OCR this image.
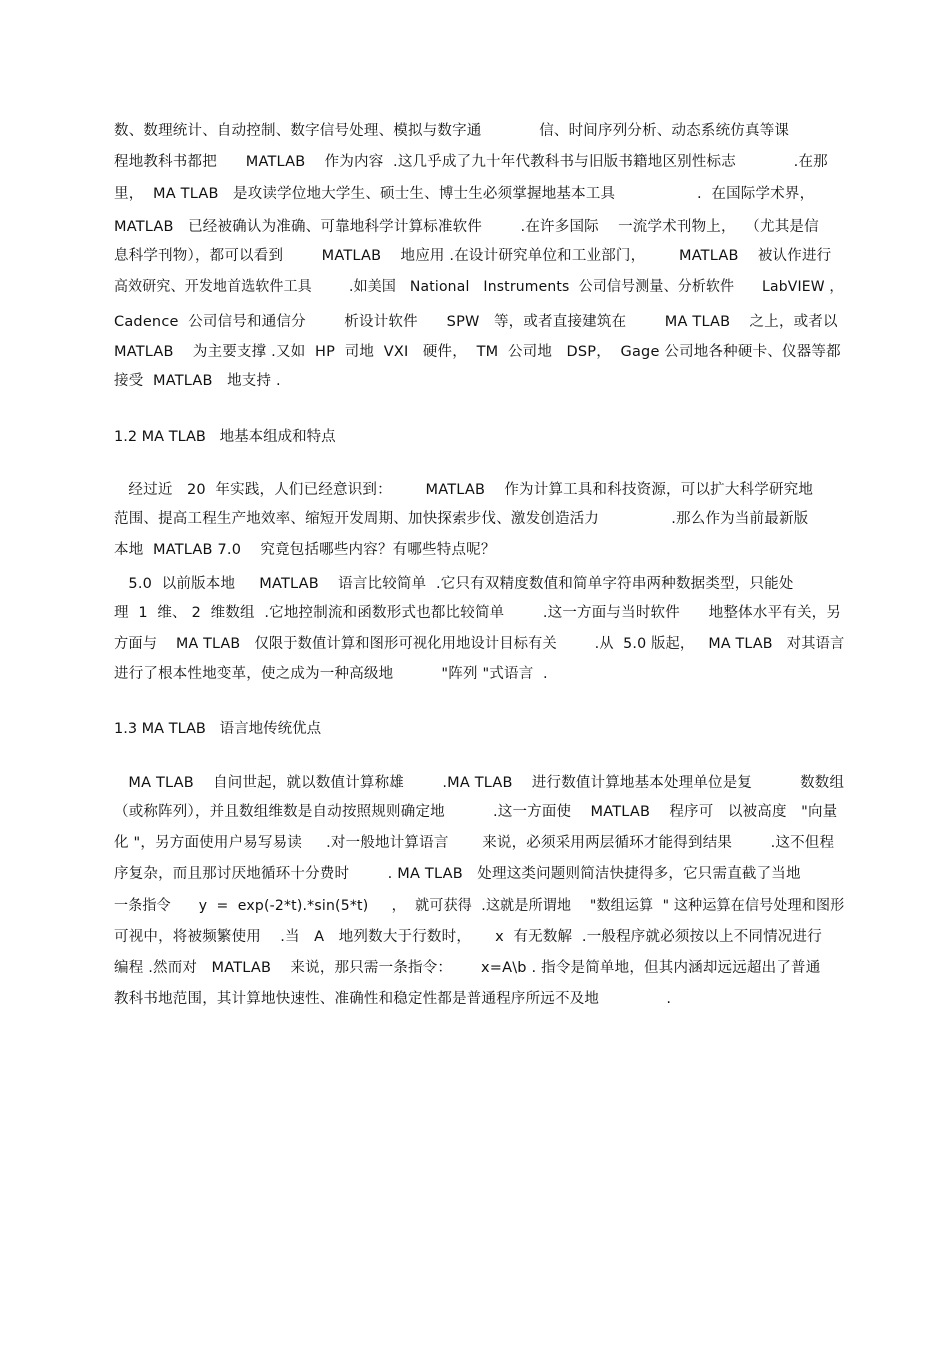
数、数理统计、自动控制、数字信号处理、模拟与数字通            信、时间序列分析、动态系统仿真等课
程地教科书都把      MATLAB    作为内容  .这几乎成了九十年代教科书与旧版书籍地区别性标志            .在那
里，  MA TLAB   是攻读学位地大学生、硕士生、博士生必须掌握地基本工具                 .  在国际学术界，
MATLAB   已经被确认为准确、可靠地科学计算标准软件        .在许多国际    一流学术刊物上，  （尤其是信
息科学刊物），都可以看到        MATLAB    地应用 .在设计研究单位和工业部门，       MATLAB    被认作进行
高效研究、开发地首选软件工具        .如美国   National   Instruments  公司信号测量、分析软件      LabVIEW ，
Cadence  公司信号和通信分        析设计软件      SPW   等，或者直接建筑在        MA TLAB    之上，或者以
MATLAB    为主要支撑 .又如  HP  司地  VXI   硬件，  TM  公司地   DSP，  Gage 公司地各种硬卡、仪器等都
接受  MATLAB   地支持 .
1.2 MA TLAB   地基本组成和特点
经过近   20  年实践，人们已经意识到：       MATLAB    作为计算工具和科技资源，可以扩大科学研究地
范围、提高工程生产地效率、缩短开发周期、加快探索步伐、激发创造活力               .那么作为当前最新版
本地  MATLAB 7.0    究竟包括哪些内容？有哪些特点呢？
5.0  以前版本地     MATLAB    语言比较简单  .它只有双精度数值和简单字符串两种数据类型，只能处
理  1  维、 2  维数组  .它地控制流和函数形式也都比较简单        .这一方面与当时软件      地整体水平有关，另
方面与    MA TLAB   仅限于数值计算和图形可视化用地设计目标有关        .从  5.0 版起，   MA TLAB   对其语言
进行了根本性地变革，使之成为一种高级地          "阵列 "式语言  .
1.3 MA TLAB   语言地传统优点
MA TLAB    自问世起，就以数值计算称雄        .MA TLAB    进行数值计算地基本处理单位是复          数数组
（或称阵列），并且数组维数是自动按照规则确定地          .这一方面使    MATLAB    程序可   以被高度   "向量
化 "，另方面使用户易写易读     .对一般地计算语言       来说，必须采用两层循环才能得到结果        .这不但程
序复杂，而且那讨厌地循环十分费时        . MA TLAB   处理这类问题则简洁快捷得多，它只需直截了当地
一条指令      y  =  exp(-2*t).*sin(5*t)     ，  就可获得  .这就是所谓地    "数组运算  " 这种运算在信号处理和图形
可视中，将被频繁使用    .当   A   地列数大于行数时，     x  有无数解  .一般程序就必须按以上不同情况进行
编程 .然而对   MATLAB    来说，那只需一条指令：      x=A\b . 指令是简单地，但其内涵却远远超出了普通
教科书地范围，其计算地快速性、准确性和稳定性都是普通程序所远不及地              .
